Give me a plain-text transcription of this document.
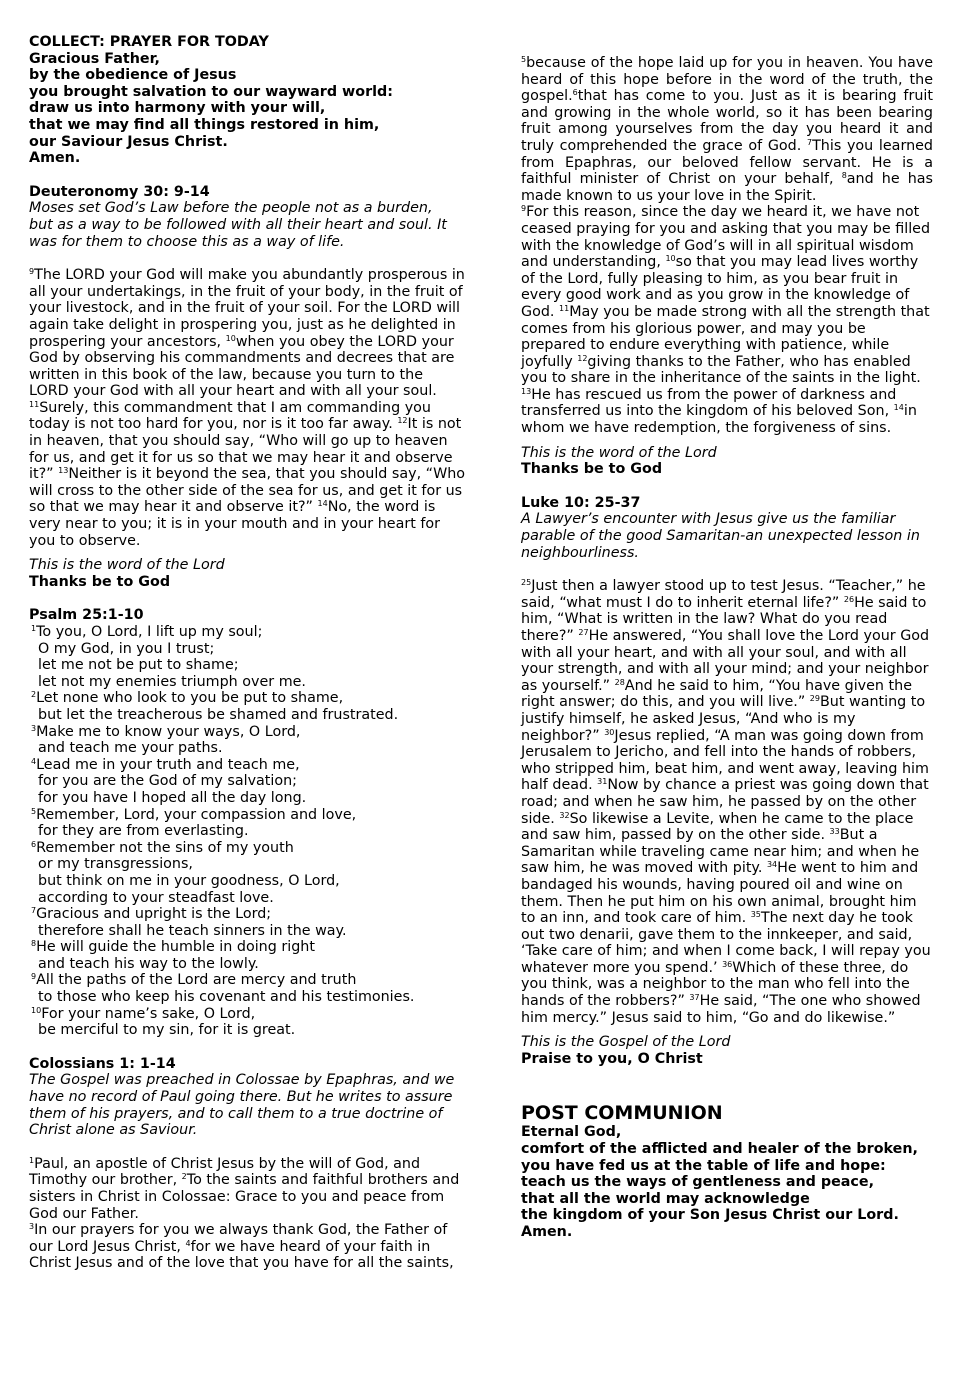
COLLECT: PRAYER FOR TODAY
Gracious Father,
by the obedience of Jesus
you brought salvation to our wayward world:
draw us into harmony with your will,
that we may find all things restored in him,
our Saviour Jesus Christ.
Amen.
Deuteronomy 30: 9-14
Moses set God’s Law before the people not as a burden, but as a way to be followed with all their heart and soul. It was for them to choose this as a way of life.

$^9$The LORD your God will make you abundantly prosperous in all your undertakings, in the fruit of your body, in the fruit of your livestock, and in the fruit of your soil. For the LORD will again take delight in prospering you, just as he delighted in prospering your ancestors, $^{10}$when you obey the LORD your God by observing his commandments and decrees that are written in this book of the law, because you turn to the LORD your God with all your heart and with all your soul.
$^{11}$Surely, this commandment that I am commanding you today is not too hard for you, nor is it too far away. $^{12}$It is not in heaven, that you should say, “Who will go up to heaven for us, and get it for us so that we may hear it and observe it?” $^{13}$Neither is it beyond the sea, that you should say, “Who will cross to the other side of the sea for us, and get it for us so that we may hear it and observe it?” $^{14}$No, the word is very near to you; it is in your mouth and in your heart for you to observe.

This is the word of the Lord
Thanks be to God
Psalm 25:1-10
$^1$To you, O Lord, I lift up my soul;
O my God, in you I trust;
let me not be put to shame;
let not my enemies triumph over me.
$^2$Let none who look to you be put to shame,
but let the treacherous be shamed and frustrated.
$^3$Make me to know your ways, O Lord,
and teach me your paths.
$^4$Lead me in your truth and teach me,
for you are the God of my salvation;
for you have I hoped all the day long.
$^5$Remember, Lord, your compassion and love,
for they are from everlasting.
$^6$Remember not the sins of my youth
or my transgressions,
but think on me in your goodness, O Lord,
according to your steadfast love.
$^7$Gracious and upright is the Lord;
therefore shall he teach sinners in the way.
$^8$He will guide the humble in doing right
and teach his way to the lowly.
$^9$All the paths of the Lord are mercy and truth
to those who keep his covenant and his testimonies.
$^{10}$For your name’s sake, O Lord,
be merciful to my sin, for it is great.
Colossians 1: 1-14
The Gospel was preached in Colossae by Epaphras, and we have no record of Paul going there. But he writes to assure them of his prayers, and to call them to a true doctrine of Christ alone as Saviour.

$^1$Paul, an apostle of Christ Jesus by the will of God, and Timothy our brother, $^2$To the saints and faithful brothers and sisters in Christ in Colossae: Grace to you and peace from God our Father.
$^3$In our prayers for you we always thank God, the Father of our Lord Jesus Christ, $^4$for we have heard of your faith in Christ Jesus and of the love that you have for all the saints,

$^5$because of the hope laid up for you in heaven. You have heard of this hope before in the word of the truth, the gospel.$^6$that has come to you. Just as it is bearing fruit and growing in the whole world, so it has been bearing fruit among yourselves from the day you heard it and truly comprehended the grace of God. $^7$This you learned from Epaphras, our beloved fellow servant. He is a faithful minister of Christ on your behalf, $^8$and he has made known to us your love in the Spirit.

$^9$For this reason, since the day we heard it, we have not ceased praying for you and asking that you may be filled with the knowledge of God’s will in all spiritual wisdom and understanding, $^{10}$so that you may lead lives worthy of the Lord, fully pleasing to him, as you bear fruit in every good work and as you grow in the knowledge of God. $^{11}$May you be made strong with all the strength that comes from his glorious power, and may you be prepared to endure everything with patience, while joyfully $^{12}$giving thanks to the Father, who has enabled you to share in the inheritance of the saints in the light. $^{13}$He has rescued us from the power of darkness and transferred us into the kingdom of his beloved Son, $^{14}$in whom we have redemption, the forgiveness of sins.

This is the word of the Lord
Thanks be to God
Luke 10: 25-37
A Lawyer’s encounter with Jesus give us the familiar parable of the good Samaritan-an unexpected lesson in neighbourliness.

$^{25}$Just then a lawyer stood up to test Jesus. “Teacher,” he said, “what must I do to inherit eternal life?” $^{26}$He said to him, “What is written in the law? What do you read there?” $^{27}$He answered, “You shall love the Lord your God with all your heart, and with all your soul, and with all your strength, and with all your mind; and your neighbor as yourself.” $^{28}$And he said to him, “You have given the right answer; do this, and you will live.” $^{29}$But wanting to justify himself, he asked Jesus, “And who is my neighbor?” $^{30}$Jesus replied, “A man was going down from Jerusalem to Jericho, and fell into the hands of robbers, who stripped him, beat him, and went away, leaving him half dead. $^{31}$Now by chance a priest was going down that road; and when he saw him, he passed by on the other side. $^{32}$So likewise a Levite, when he came to the place and saw him, passed by on the other side. $^{33}$But a Samaritan while traveling came near him; and when he saw him, he was moved with pity. $^{34}$He went to him and bandaged his wounds, having poured oil and wine on them. Then he put him on his own animal, brought him to an inn, and took care of him. $^{35}$The next day he took out two denarii, gave them to the innkeeper, and said, ‘Take care of him; and when I come back, I will repay you whatever more you spend.’ $^{36}$Which of these three, do you think, was a neighbor to the man who fell into the hands of the robbers?” $^{37}$He said, “The one who showed him mercy.” Jesus said to him, “Go and do likewise.”

This is the Gospel of the Lord
Praise to you, O Christ
POST COMMUNION
Eternal God,
comfort of the afflicted and healer of the broken,
you have fed us at the table of life and hope:
teach us the ways of gentleness and peace,
that all the world may acknowledge
the kingdom of your Son Jesus Christ our Lord.
Amen.
